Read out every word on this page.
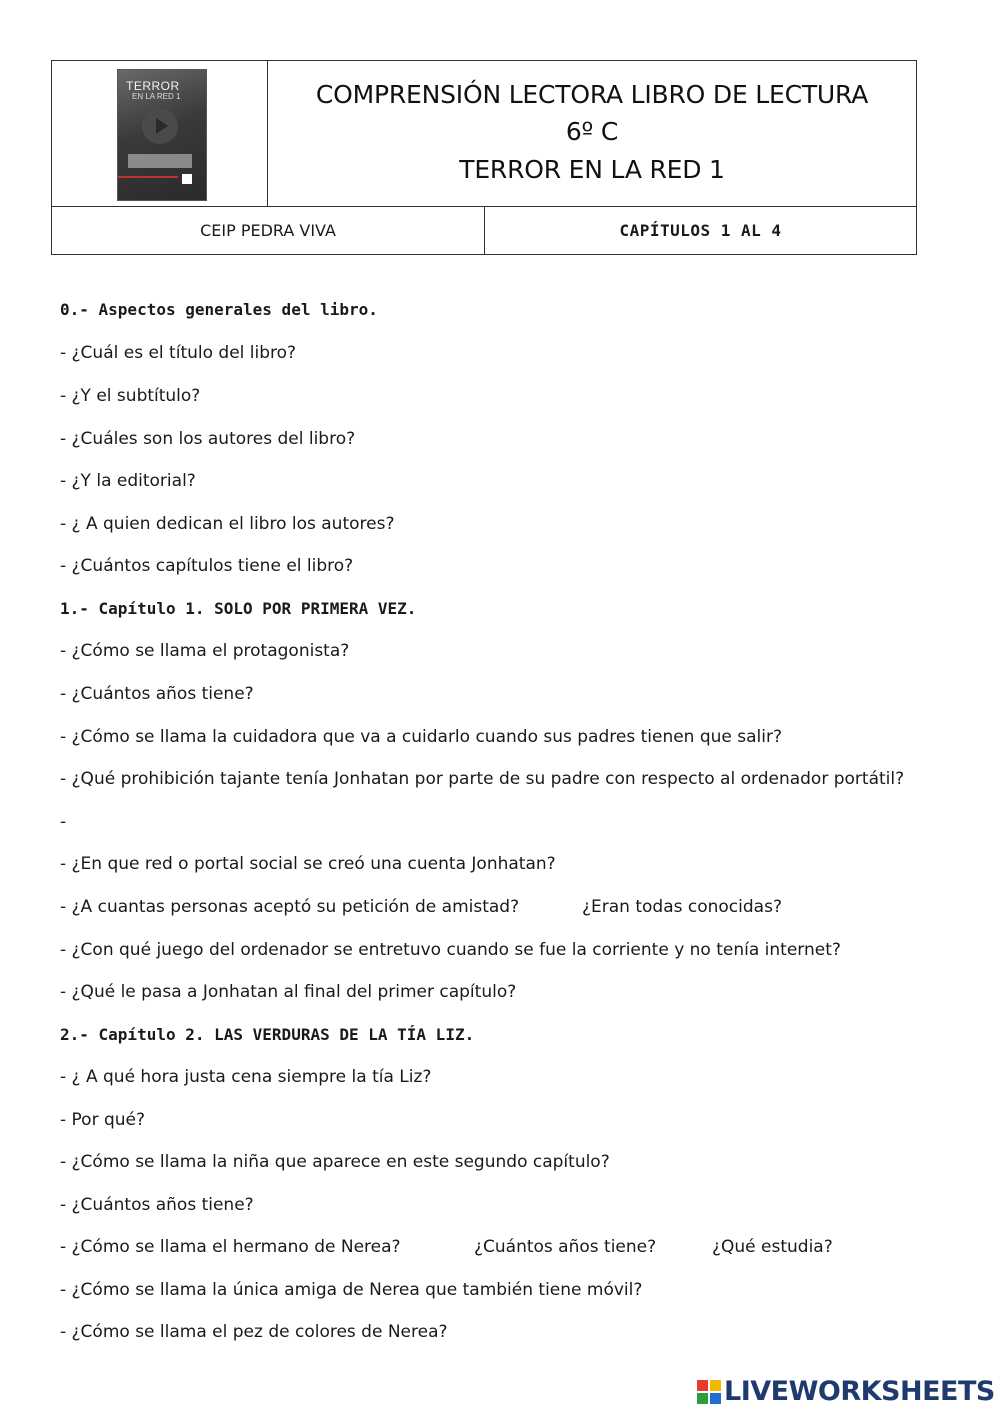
TERROR
EN LA RED 1	COMPRENSIÓN LECTORA LIBRO DE LECTURA
6º C
TERROR EN LA RED 1
CEIP PEDRA VIVA	CAPÍTULOS 1 AL 4
0.- Aspectos generales del libro.
- ¿Cuál es el título del libro?
- ¿Y el subtítulo?
- ¿Cuáles son los autores del libro?
- ¿Y la editorial?
- ¿ A quien dedican el libro los autores?
- ¿Cuántos capítulos tiene el libro?
1.- Capítulo 1. SOLO POR PRIMERA VEZ.
- ¿Cómo se llama el protagonista?
- ¿Cuántos años tiene?
- ¿Cómo se llama la cuidadora que va a cuidarlo cuando sus padres tienen que salir?
- ¿Qué prohibición tajante tenía Jonhatan por parte de su padre con respecto al ordenador portátil?
-
- ¿En que red o portal social se creó una cuenta Jonhatan?
- ¿A cuantas personas aceptó su petición de amistad?	¿Eran todas conocidas?
- ¿Con qué juego del ordenador se entretuvo cuando se fue la corriente y no tenía internet?
- ¿Qué le pasa a Jonhatan al final del primer capítulo?
2.- Capítulo 2. LAS VERDURAS DE LA TÍA LIZ.
- ¿ A qué hora justa cena siempre la tía Liz?
- Por qué?
- ¿Cómo se llama la niña que aparece en este segundo capítulo?
- ¿Cuántos años tiene?
- ¿Cómo se llama el hermano de Nerea?	¿Cuántos años tiene?	¿Qué estudia?
- ¿Cómo se llama la única amiga de Nerea que también tiene móvil?
- ¿Cómo se llama el pez de colores de Nerea?
LIVEWORKSHEETS
